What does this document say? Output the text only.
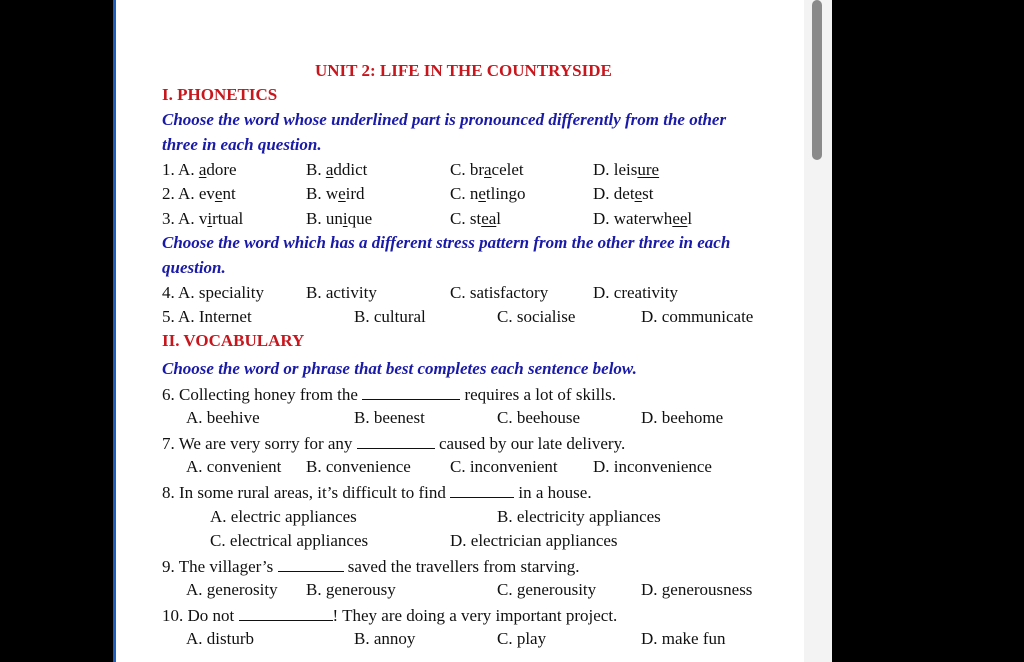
UNIT 2: LIFE IN THE COUNTRYSIDE
I. PHONETICS
Choose the word whose underlined part is pronounced differently from the other
three in each question.
1. A. adore	B. addict	C. bracelet	D. leisure
2. A. event	B. weird	C. netlingo	D. detest
3. A. virtual	B. unique	C. steal	D. waterwheel
Choose the word which has a different stress pattern from the other three in each
question.
4. A. speciality B. activity	C. satisfactory	D. creativity
5. A. Internet	B. cultural	C. socialise	D. communicate
II. VOCABULARY
Choose the word or phrase that best completes each sentence below.
6. Collecting honey from the	requires a lot of skills.
A. beehive	B. beenest	C. beehouse	D. beehome
7. We are very sorry for any	caused by our late delivery.
A. convenient B. convenience C. inconvenient D. inconvenience
8. In some rural areas, it’s difficult to find	in a house.
A. electric appliances	B. electricity appliances
C. electrical appliances	D. electrician appliances
9. The villager’s	saved the travellers from starving.
A. generosity B. generousy	C. generousity	D. generousness
10. Do not	! They are doing a very important project.
A. disturb	B. annoy	C. play	D. make fun
